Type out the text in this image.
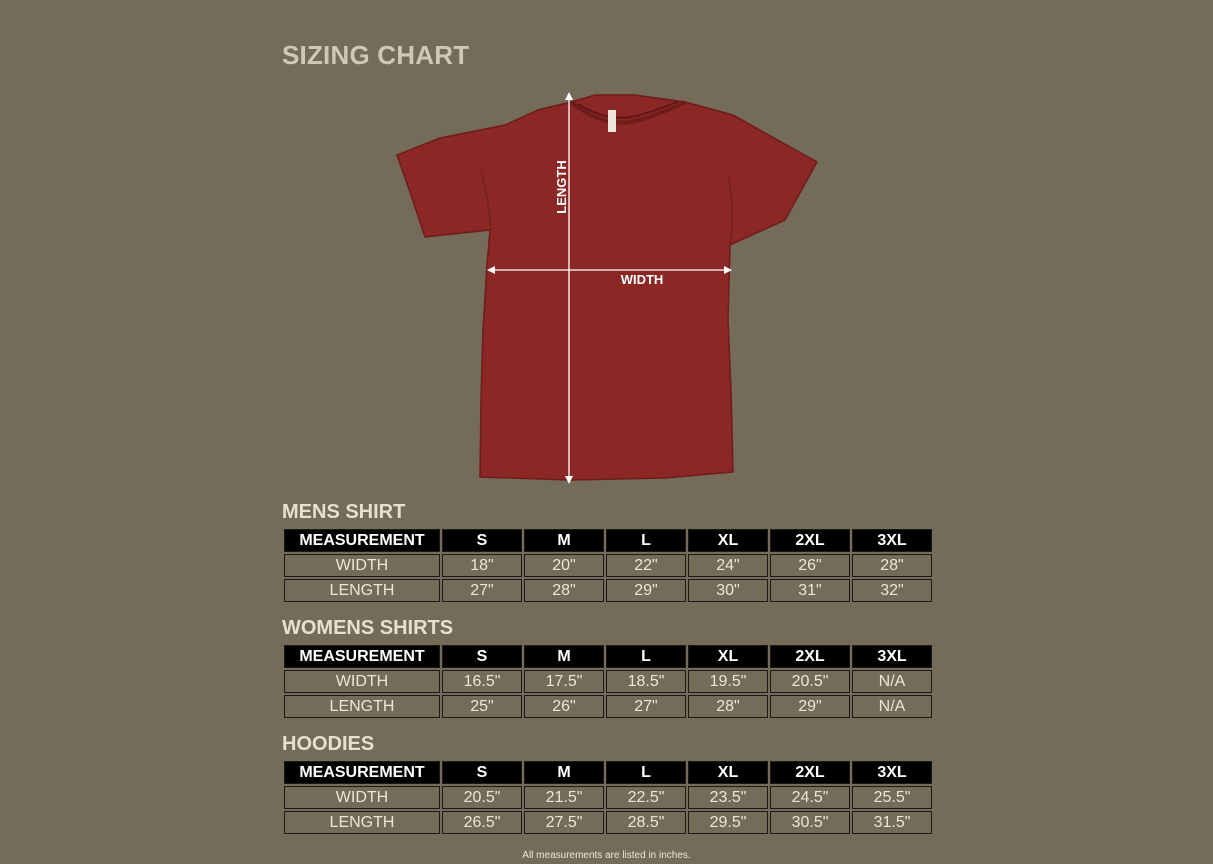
SIZING CHART
LENGTH
WIDTH
MENS SHIRT
MEASUREMENT	S	M	L	XL	2XL	3XL
WIDTH	18"	20"	22"	24"	26"	28"
LENGTH	27"	28"	29"	30"	31"	32"
WOMENS SHIRTS
MEASUREMENT	S	M	L	XL	2XL	3XL
WIDTH	16.5"	17.5"	18.5"	19.5"	20.5"	N/A
LENGTH	25"	26"	27"	28"	29"	N/A
HOODIES
MEASUREMENT	S	M	L	XL	2XL	3XL
WIDTH	20.5"	21.5"	22.5"	23.5"	24.5"	25.5"
LENGTH	26.5"	27.5"	28.5"	29.5"	30.5"	31.5"

All measurements are listed in inches.
